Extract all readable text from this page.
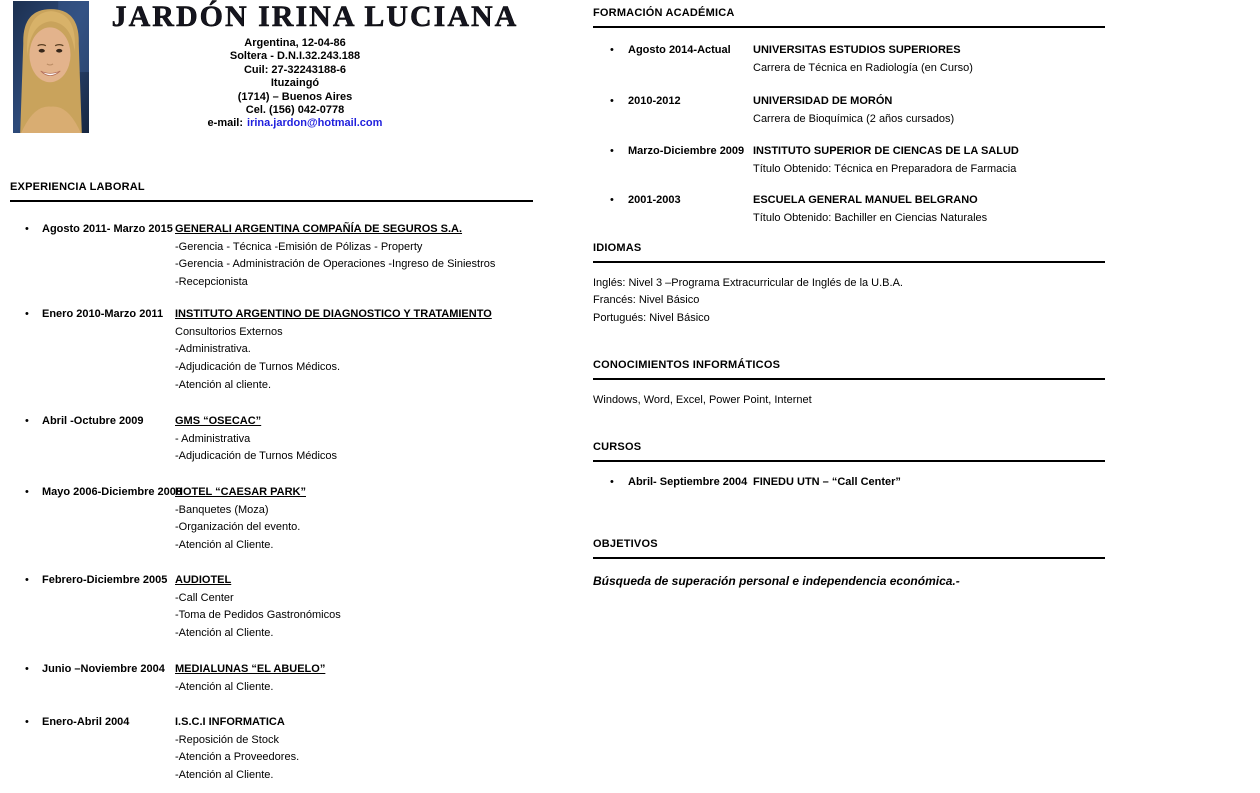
JARDÓN IRINA LUCIANA
Argentina, 12-04-86
Soltera - D.N.I.32.243.188
Cuil: 27-32243188-6
Ituzaingó
(1714) – Buenos Aires
Cel. (156) 042-0778
e-mail: irina.jardon@hotmail.com
EXPERIENCIA LABORAL
• Agosto 2011- Marzo 2015 GENERALI ARGENTINA COMPAÑÍA DE SEGUROS S.A.
-Gerencia - Técnica -Emisión de Pólizas - Property
-Gerencia - Administración de Operaciones -Ingreso de Siniestros
-Recepcionista
• Enero 2010-Marzo 2011 INSTITUTO ARGENTINO DE DIAGNOSTICO Y TRATAMIENTO
Consultorios Externos
-Administrativa.
-Adjudicación de Turnos Médicos.
-Atención al cliente.
• Abril -Octubre 2009	GMS “OSECAC”
- Administrativa
-Adjudicación de Turnos Médicos
• Mayo 2006-Diciembre 2008
HOTEL “CAESAR PARK”
-Banquetes (Moza)
-Organización del evento.
-Atención al Cliente.
• Febrero-Diciembre 2005 AUDIOTEL
-Call Center
-Toma de Pedidos Gastronómicos
-Atención al Cliente.
• Junio –Noviembre 2004 MEDIALUNAS “EL ABUELO”
-Atención al Cliente.
• Enero-Abril 2004	I.S.C.I INFORMATICA
-Reposición de Stock
-Atención a Proveedores.
-Atención al Cliente.
FORMACIÓN ACADÉMICA
• Agosto 2014-Actual UNIVERSITAS ESTUDIOS SUPERIORES
Carrera de Técnica en Radiología (en Curso)
• 2010-2012	UNIVERSIDAD DE MORÓN
Carrera de Bioquímica (2 años cursados)
• Marzo-Diciembre 2009 INSTITUTO SUPERIOR DE CIENCAS DE LA SALUD
Título Obtenido: Técnica en Preparadora de Farmacia
• 2001-2003	ESCUELA GENERAL MANUEL BELGRANO
Título Obtenido: Bachiller en Ciencias Naturales
IDIOMAS
Inglés: Nivel 3 –Programa Extracurricular de Inglés de la U.B.A.
Francés: Nivel Básico
Portugués: Nivel Básico
CONOCIMIENTOS INFORMÁTICOS
Windows, Word, Excel, Power Point, Internet
CURSOS
• Abril- Septiembre 2004 FINEDU UTN – “Call Center”
OBJETIVOS
Búsqueda de superación personal e independencia económica.-
